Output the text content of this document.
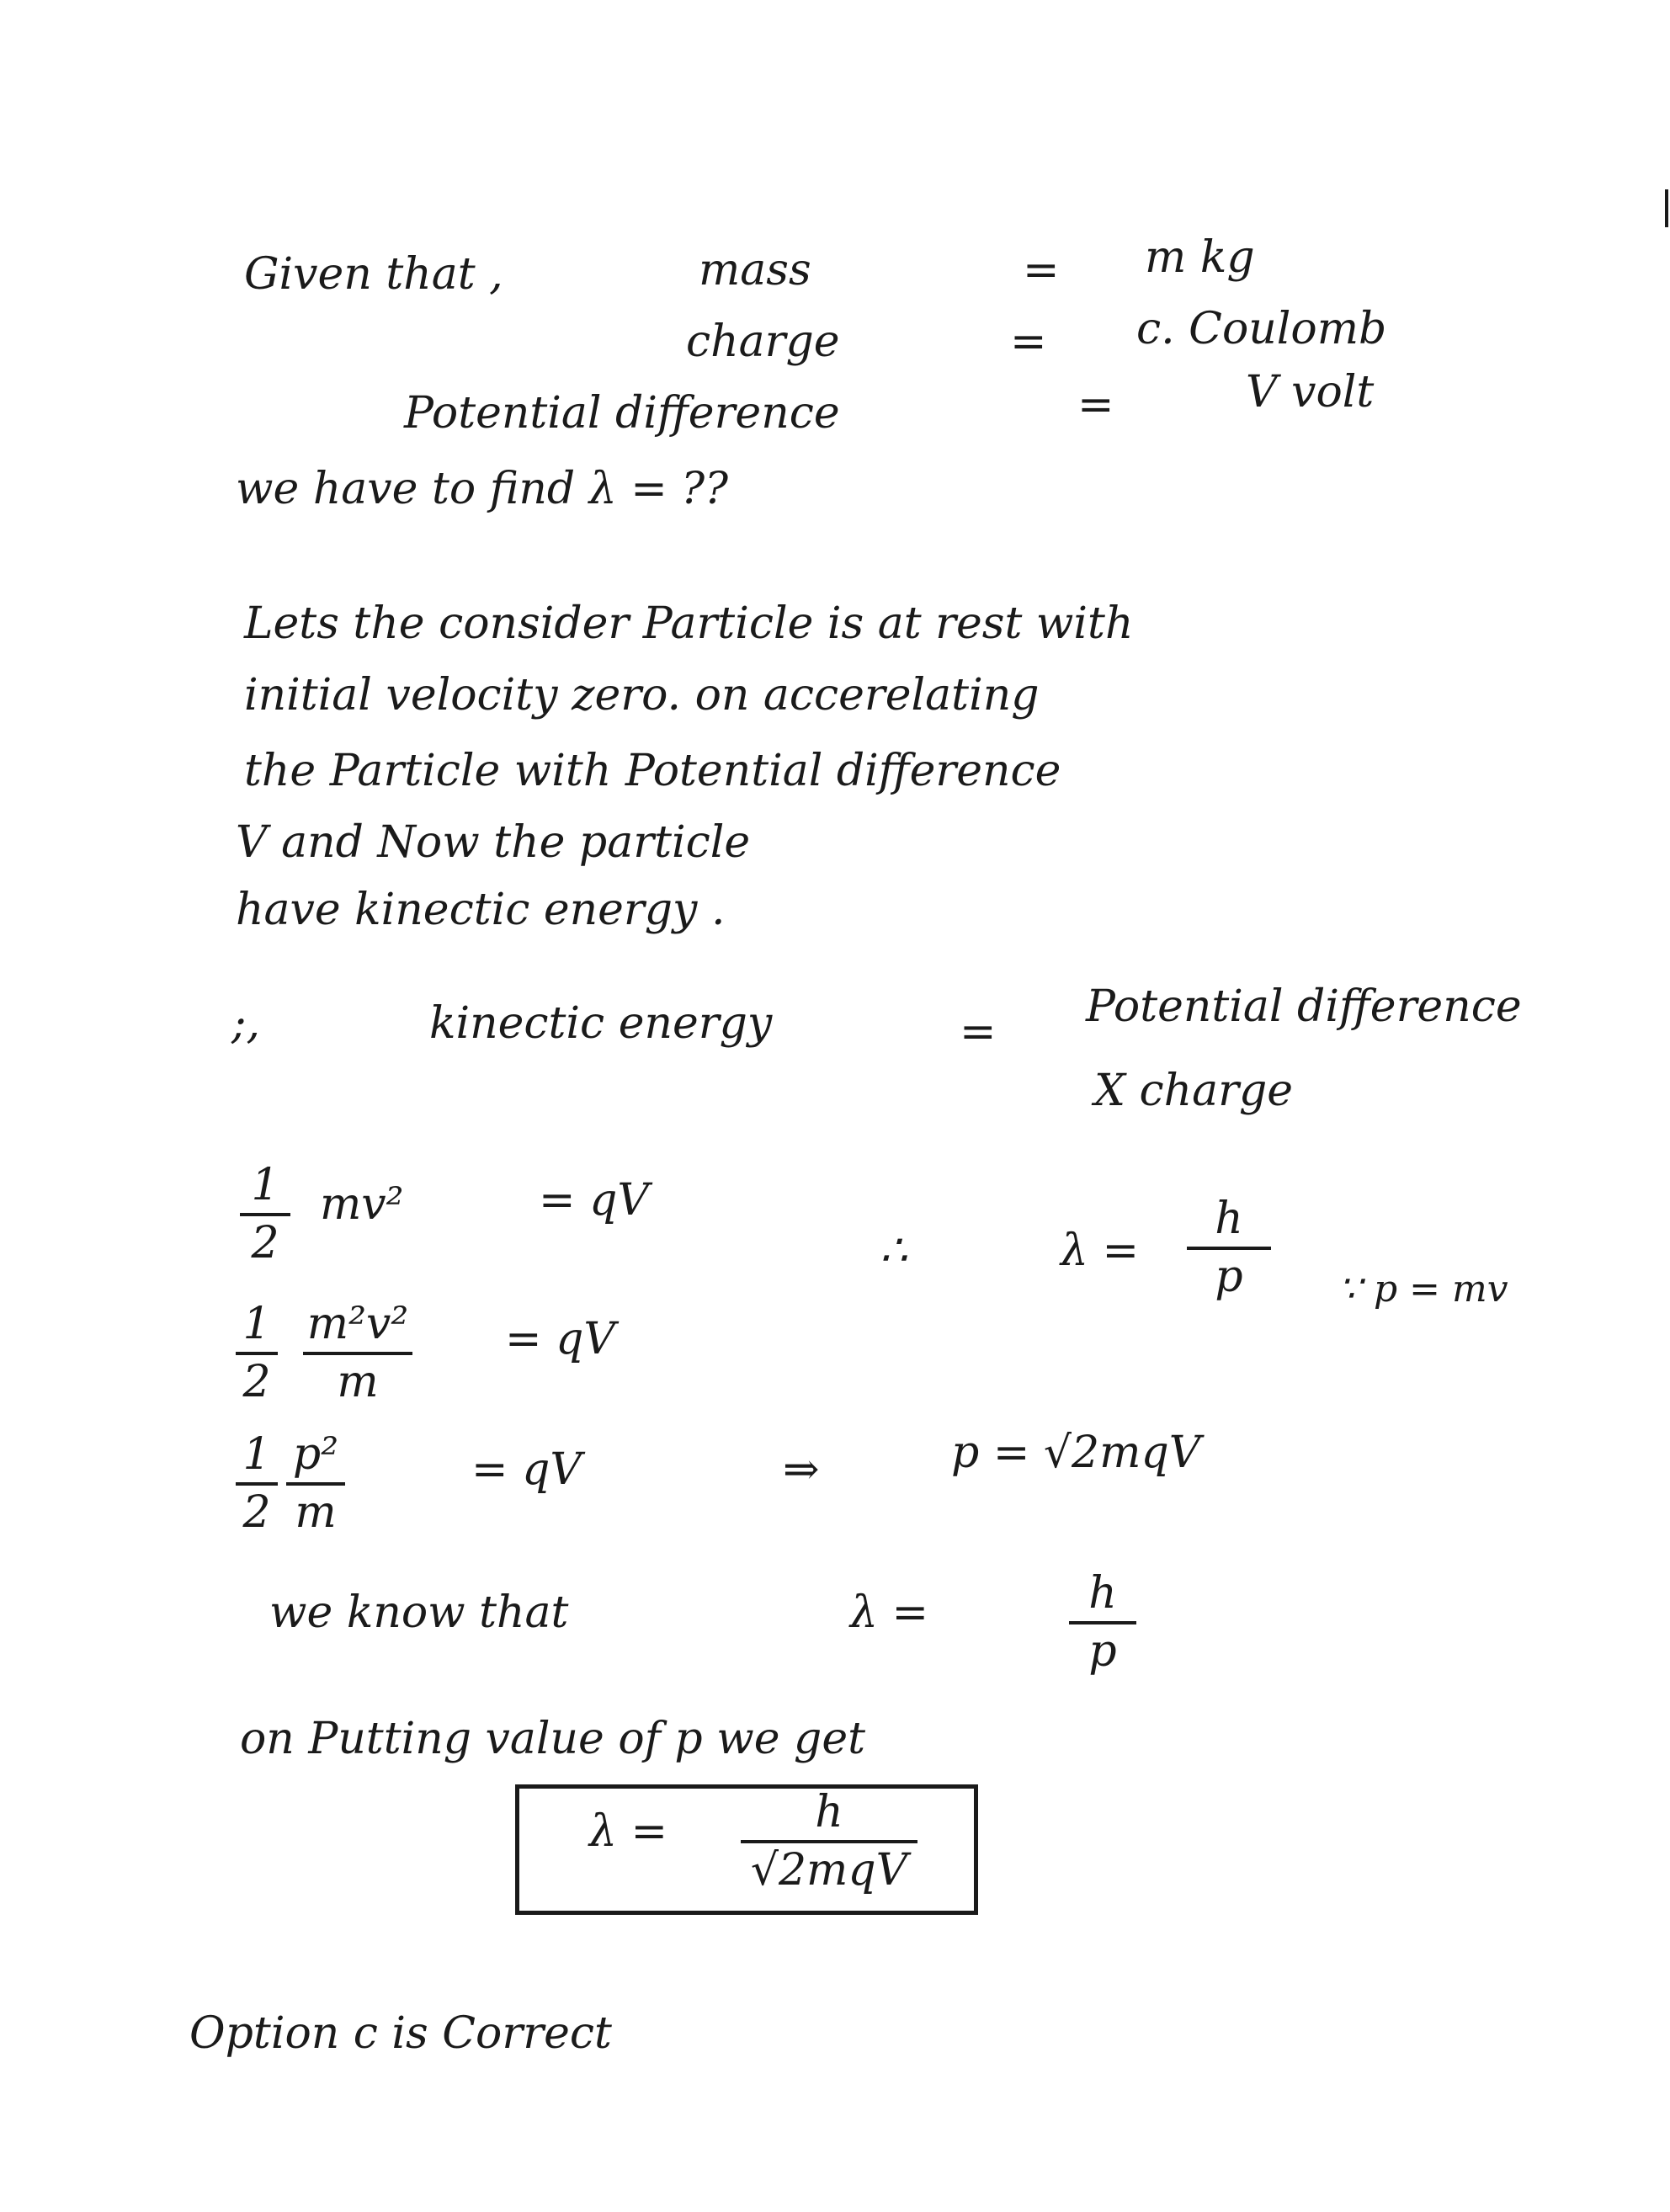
Given that ,	mass	= m kg
charge	= c. Coulomb
Potential difference	=	V volt
we have to find λ = ??
Lets the consider Particle is at rest with
initial velocity zero. on accerelating
the Particle with Potential difference
V and Now the particle
have kinectic energy .
;,	kinectic energy	= Potential difference
X charge
1
2
mv²	= qV
∴	λ =
h
p	∵ p = mv
1
2
m²v²
m
= qV
1
2
p²
m
= qV	⇒	p = √2mqV
we know that	λ =	h
p
on Putting value of p we get
λ =	h
√2mqV
Option c is Correct
